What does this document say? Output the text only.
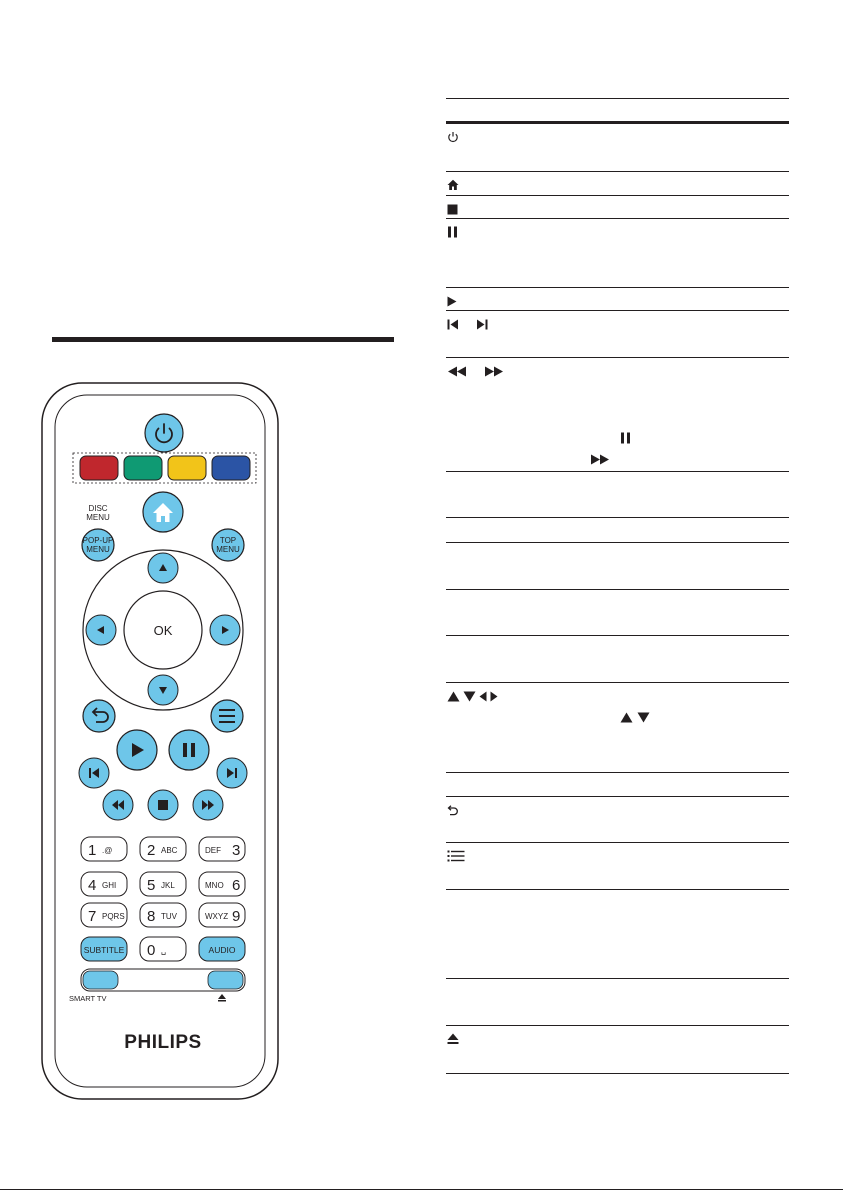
DISC MENU
POP-UP
MENU
TOP
MENU
OK
1 .@ 2 ABC	3
DEF
4 GHI 5 JKL	6
MNO
7 PQRS 8 TUV	9
WXYZ
0 ␣
SUBTITLE	AUDIO
SMART TV
PHILIPS
